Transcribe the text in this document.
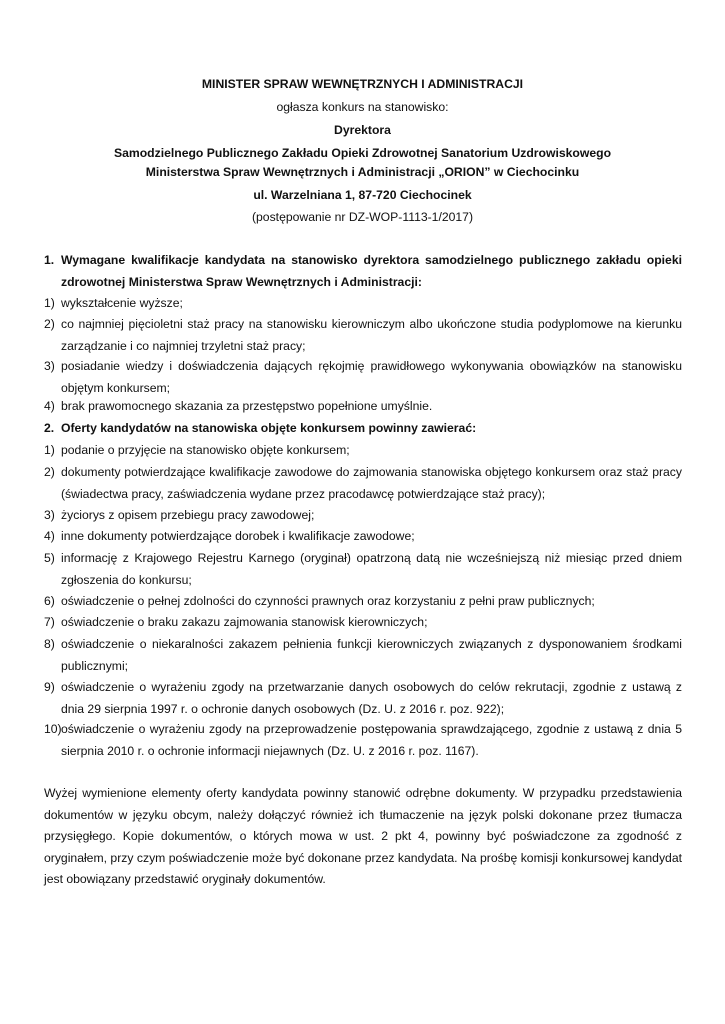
MINISTER SPRAW WEWNĘTRZNYCH I ADMINISTRACJI
ogłasza konkurs na stanowisko:
Dyrektora
Samodzielnego Publicznego Zakładu Opieki Zdrowotnej Sanatorium Uzdrowiskowego
Ministerstwa Spraw Wewnętrznych i Administracji „ORION” w Ciechocinku
ul. Warzelniana 1, 87-720 Ciechocinek
(postępowanie nr DZ-WOP-1113-1/2017)
1. Wymagane kwalifikacje kandydata na stanowisko dyrektora samodzielnego publicznego zakładu opieki zdrowotnej Ministerstwa Spraw Wewnętrznych i Administracji:
1) wykształcenie wyższe;
2) co najmniej pięcioletni staż pracy na stanowisku kierowniczym albo ukończone studia podyplomowe na kierunku zarządzanie i co najmniej trzyletni staż pracy;
3) posiadanie wiedzy i doświadczenia dających rękojmię prawidłowego wykonywania obowiązków na stanowisku objętym konkursem;
4) brak prawomocnego skazania za przestępstwo popełnione umyślnie.
2. Oferty kandydatów na stanowiska objęte konkursem powinny zawierać:
1) podanie o przyjęcie na stanowisko objęte konkursem;
2) dokumenty potwierdzające kwalifikacje zawodowe do zajmowania stanowiska objętego konkursem oraz staż pracy (świadectwa pracy, zaświadczenia wydane przez pracodawcę potwierdzające staż pracy);
3) życiorys z opisem przebiegu pracy zawodowej;
4) inne dokumenty potwierdzające dorobek i kwalifikacje zawodowe;
5) informację z Krajowego Rejestru Karnego (oryginał) opatrzoną datą nie wcześniejszą niż miesiąc przed dniem zgłoszenia do konkursu;
6) oświadczenie o pełnej zdolności do czynności prawnych oraz korzystaniu z pełni praw publicznych;
7) oświadczenie o braku zakazu zajmowania stanowisk kierowniczych;
8) oświadczenie o niekaralności zakazem pełnienia funkcji kierowniczych związanych z dysponowaniem środkami publicznymi;
9) oświadczenie o wyrażeniu zgody na przetwarzanie danych osobowych do celów rekrutacji, zgodnie z ustawą z dnia 29 sierpnia 1997 r. o ochronie danych osobowych (Dz. U. z 2016 r. poz. 922);
10) oświadczenie o wyrażeniu zgody na przeprowadzenie postępowania sprawdzającego, zgodnie z ustawą z dnia 5 sierpnia 2010 r. o ochronie informacji niejawnych (Dz. U. z 2016 r. poz. 1167).
Wyżej wymienione elementy oferty kandydata powinny stanowić odrębne dokumenty. W przypadku przedstawienia dokumentów w języku obcym, należy dołączyć również ich tłumaczenie na język polski dokonane przez tłumacza przysięgłego. Kopie dokumentów, o których mowa w ust. 2 pkt 4, powinny być poświadczone za zgodność z oryginałem, przy czym poświadczenie może być dokonane przez kandydata. Na prośbę komisji konkursowej kandydat jest obowiązany przedstawić oryginały dokumentów.
